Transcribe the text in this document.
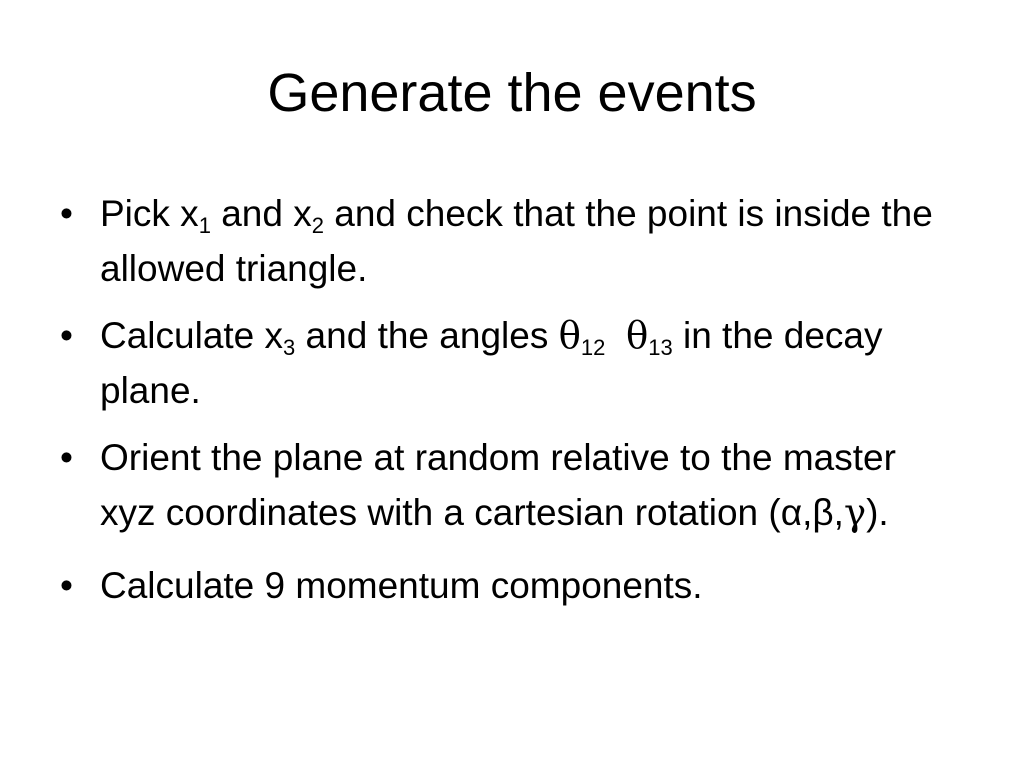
Generate the events
• Pick $x_1$ and $x_2$ and check that the point is inside the allowed triangle.
• Calculate $x_3$ and the angles $\theta_{12}$ $\theta_{13}$ in the decay plane.
• Orient the plane at random relative to the master xyz coordinates with a cartesian rotation (α,β,γ).
• Calculate 9 momentum components.
